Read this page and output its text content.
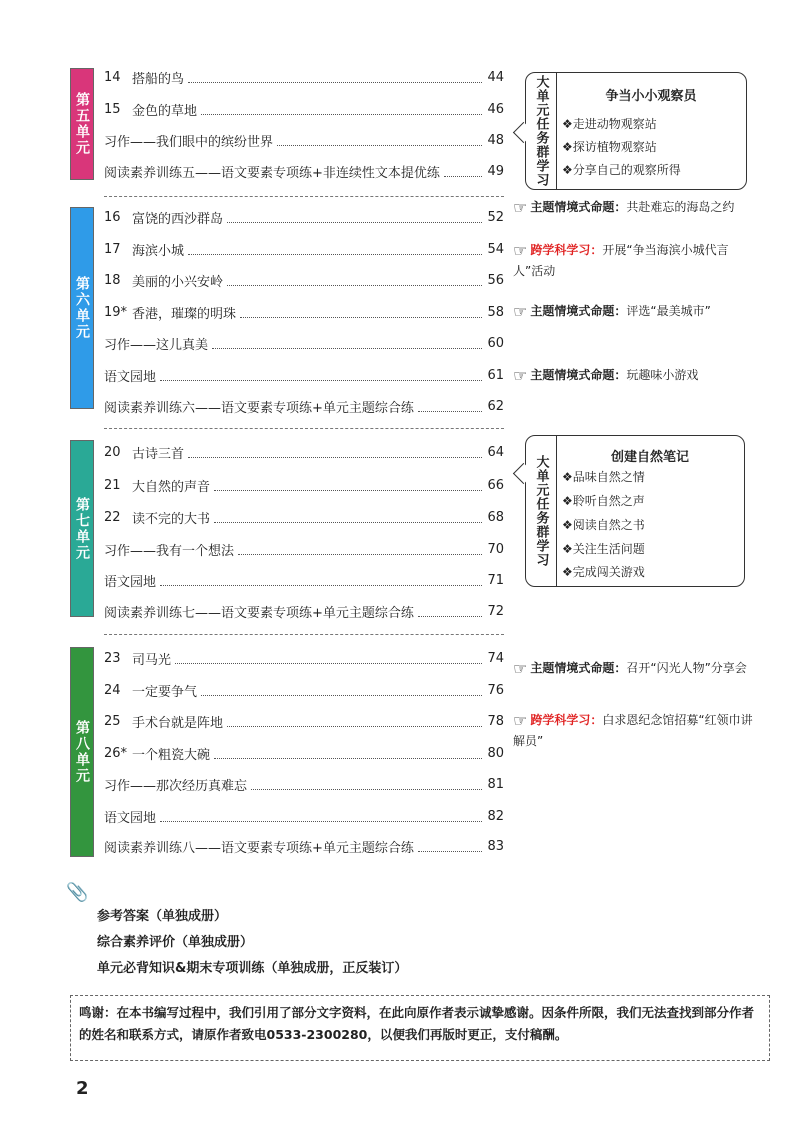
第五单元
第六单元
第七单元
第八单元
14 搭船的鸟	44
15 金色的草地	46
习作——我们眼中的缤纷世界	48
阅读素养训练五——语文要素专项练+非连续性文本提优练	49
16 富饶的西沙群岛	52
17 海滨小城	54
18 美丽的小兴安岭	56
19* 香港，璀璨的明珠	58
习作——这儿真美	60
语文园地	61
阅读素养训练六——语文要素专项练+单元主题综合练	62
20 古诗三首	64
21 大自然的声音	66
22 读不完的大书	68
习作——我有一个想法	70
语文园地	71
阅读素养训练七——语文要素专项练+单元主题综合练	72
23 司马光	74
24 一定要争气	76
25 手术台就是阵地	78
26* 一个粗瓷大碗	80
习作——那次经历真难忘	81
语文园地	82
阅读素养训练八——语文要素专项练+单元主题综合练	83
大单元任务群学习	争当小小观察员
❖走进动物观察站
❖探访植物观察站
❖分享自己的观察所得
大单元任务群学习	创建自然笔记
❖品味自然之情
❖聆听自然之声
❖阅读自然之书
❖关注生活问题
❖完成闯关游戏
☞ 主题情境式命题：共赴难忘的海岛之约
☞ 跨学科学习：开展“争当海滨小城代言人”活动
☞ 主题情境式命题：评选“最美城市”
☞ 主题情境式命题：玩趣味小游戏
☞ 主题情境式命题：召开“闪光人物”分享会
☞ 跨学科学习：白求恩纪念馆招募“红领巾讲解员”
📎
参考答案（单独成册）
综合素养评价（单独成册）
单元必背知识&期末专项训练（单独成册，正反装订）
鸣谢：在本书编写过程中，我们引用了部分文字资料，在此向原作者表示诚挚感谢。因条件所限，我们无法查找到部分作者的姓名和联系方式，请原作者致电0533-2300280，以便我们再版时更正，支付稿酬。
2
